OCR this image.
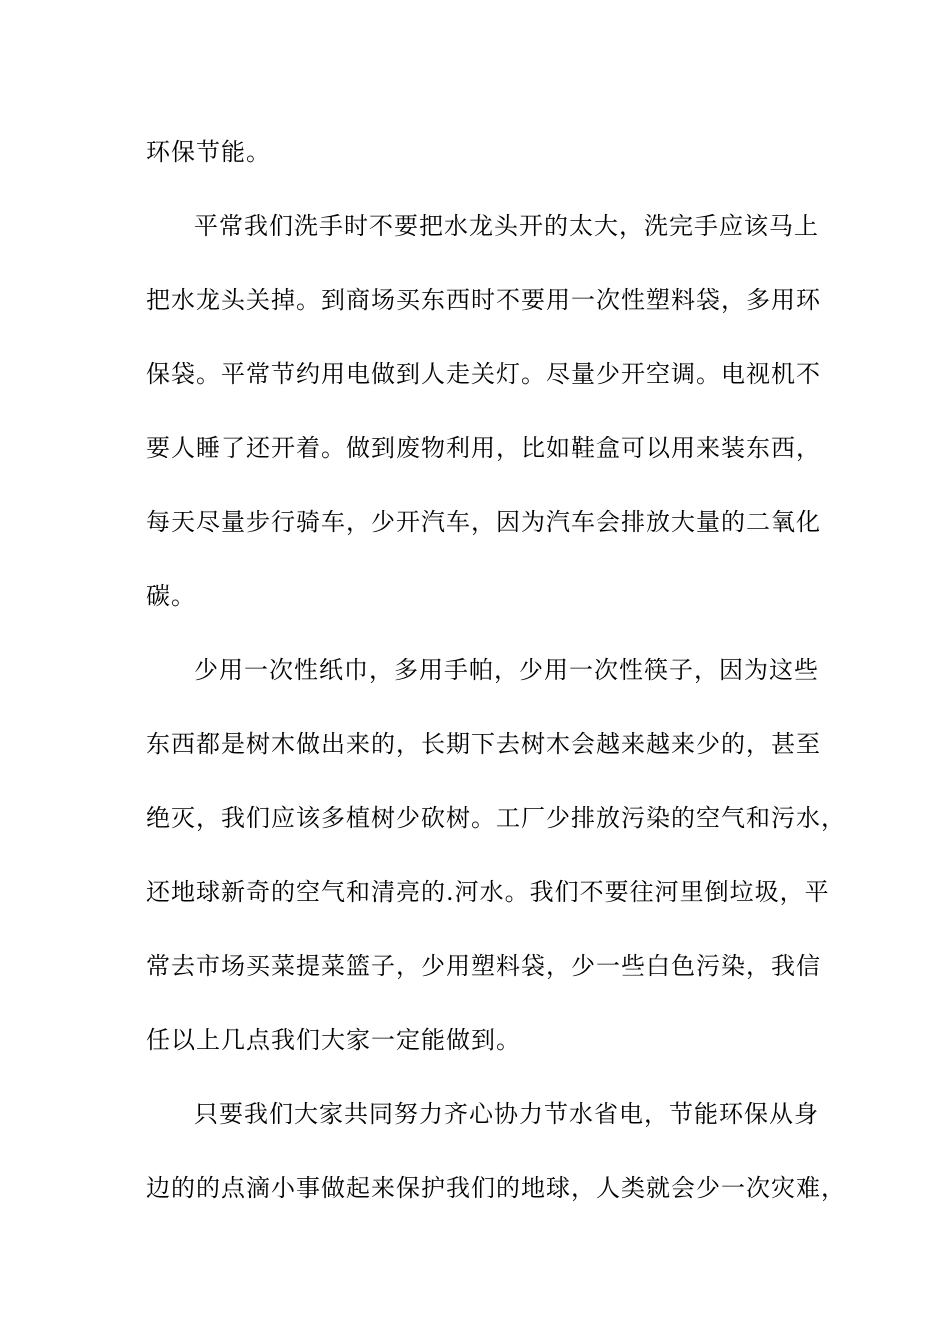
环保节能。
平常我们洗手时不要把水龙头开的太大，洗完手应该马上
把水龙头关掉。到商场买东西时不要用一次性塑料袋，多用环
保袋。平常节约用电做到人走关灯。尽量少开空调。电视机不
要人睡了还开着。做到废物利用，比如鞋盒可以用来装东西，
每天尽量步行骑车，少开汽车，因为汽车会排放大量的二氧化
碳。
少用一次性纸巾，多用手帕，少用一次性筷子，因为这些
东西都是树木做出来的，长期下去树木会越来越来少的，甚至
绝灭，我们应该多植树少砍树。工厂少排放污染的空气和污水，
还地球新奇的空气和清亮的.河水。我们不要往河里倒垃圾，平
常去市场买菜提菜篮子，少用塑料袋，少一些白色污染，我信
任以上几点我们大家一定能做到。
只要我们大家共同努力齐心协力节水省电，节能环保从身
边的的点滴小事做起来保护我们的地球，人类就会少一次灾难，
